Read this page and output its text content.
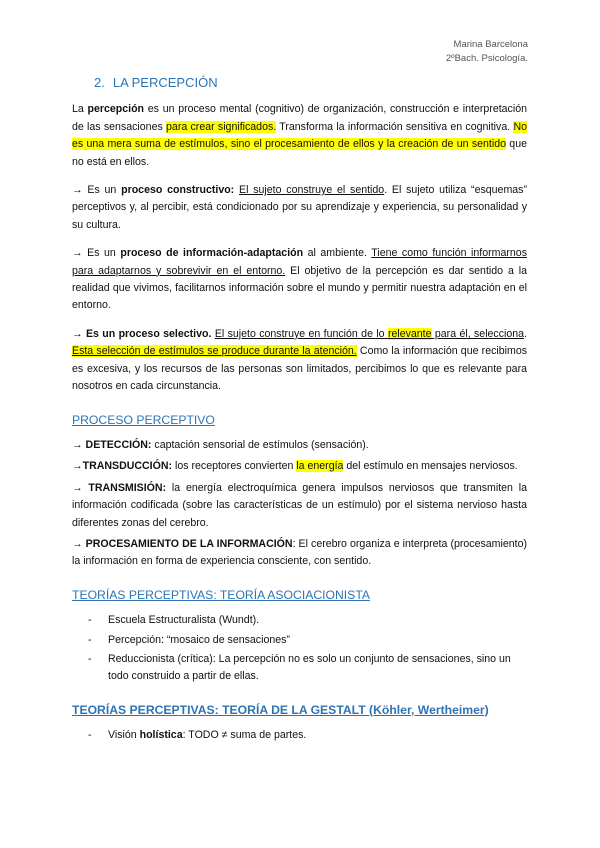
Marina Barcelona
2ºBach. Psicología.
2. LA PERCEPCIÓN

La percepción es un proceso mental (cognitivo) de organización, construcción e interpretación de las sensaciones para crear significados. Transforma la información sensitiva en cognitiva. No es una mera suma de estímulos, sino el procesamiento de ellos y la creación de un sentido que no está en ellos.

→ Es un proceso constructivo: El sujeto construye el sentido. El sujeto utiliza “esquemas” perceptivos y, al percibir, está condicionado por su aprendizaje y experiencia, su personalidad y su cultura.

→ Es un proceso de información-adaptación al ambiente. Tiene como función informarnos para adaptarnos y sobrevivir en el entorno. El objetivo de la percepción es dar sentido a la realidad que vivimos, facilitarnos información sobre el mundo y permitir nuestra adaptación en el entorno.

→ Es un proceso selectivo. El sujeto construye en función de lo relevante para él, selecciona. Esta selección de estímulos se produce durante la atención. Como la información que recibimos es excesiva, y los recursos de las personas son limitados, percibimos lo que es relevante para nosotros en cada circunstancia.

PROCESO PERCEPTIVO

→ DETECCIÓN: captación sensorial de estímulos (sensación).

→TRANSDUCCIÓN: los receptores convierten la energía del estímulo en mensajes nerviosos.

→ TRANSMISIÓN: la energía electroquímica genera impulsos nerviosos que transmiten la información codificada (sobre las características de un estímulo) por el sistema nervioso hasta diferentes zonas del cerebro.

→ PROCESAMIENTO DE LA INFORMACIÓN: El cerebro organiza e interpreta (procesamiento) la información en forma de experiencia consciente, con sentido.

TEORÍAS PERCEPTIVAS: TEORÍA ASOCIACIONISTA
- Escuela Estructuralista (Wundt).
- Percepción: “mosaico de sensaciones”
- Reduccionista (crítica): La percepción no es solo un conjunto de sensaciones, sino un todo construido a partir de ellas.
TEORÍAS PERCEPTIVAS: TEORÍA DE LA GESTALT (Köhler, Wertheimer)
- Visión holística: TODO ≠ suma de partes.
